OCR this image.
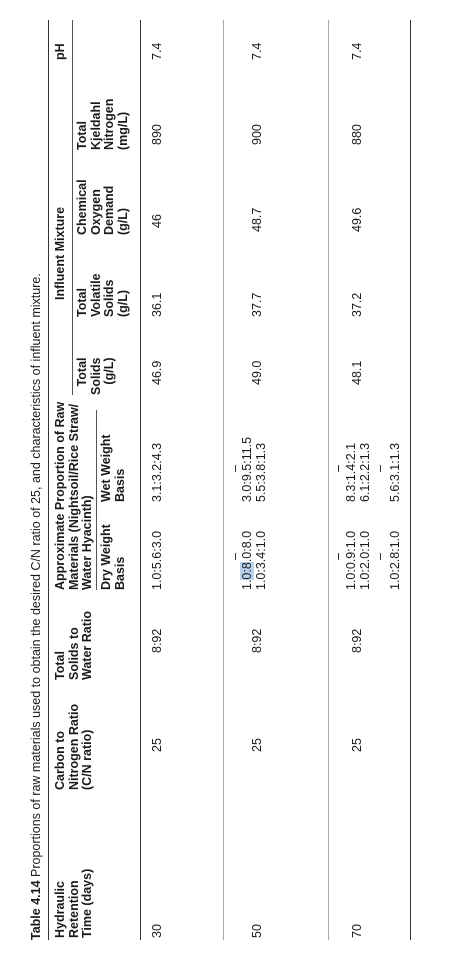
Table 4.14 Proportions of raw materials used to obtain the desired C/N ratio of 25, and characteristics of influent mixture.
Hydraulic Retention Time (days)
Carbon to Nitrogen Ratio (C/N ratio)
Total Solids to Water Ratio
Approximate Proportion of Raw Materials (Nightsoil/Rice Straw/ Water Hyacinth) Dry Weight Basis
Wet Weight Basis
Influent Mixture
Total Solids (g/L)
Total Volatile Solids (g/L)
Chemical Oxygen Demand (g/L)
Total Kjeldahl Nitrogen (mg/L)
pH
30
25
8:92
1.0:5.6:3.0
3.1:3.2:4.3
46.9
36.1
46
890
7.4
50
25
8:92
–
1.0:8.0:8.0 1.0:3.4:1.0
–
3.0:9.5:11.5 5.5:3.8:1.3
49.0
37.7
48.7
900
7.4
70
25
8:92
– 1.0:0.9:1.0 1.0:2.0:1.0 – 1.0:2.8:1.0
– 8.3:1.4:2.1 6.1:2.2:1.3 – 5.6:3.1:1.3
48.1
37.2
49.6
880
7.4
